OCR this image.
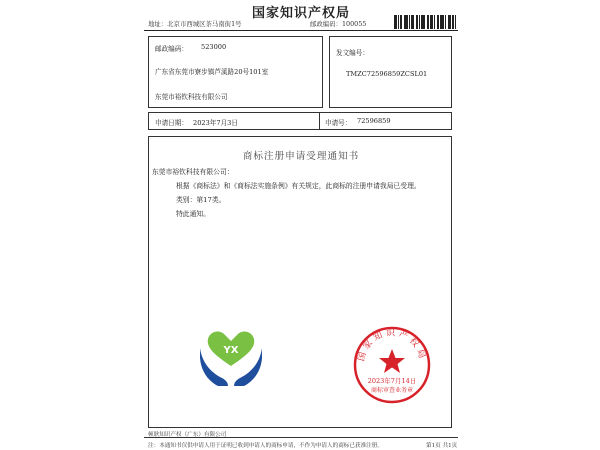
国家知识产权局
地址：北京市西城区茶马南街1号	邮政编码：100055
邮政编码： 523000
广东省东莞市寮步镇芦溪路20号101室
东莞市裕钦科技有限公司
发文编号：
TMZC72596859ZCSL01
申请日期： 2023年7月3日	申请号： 72596859
商标注册申请受理通知书
东莞市裕钦科技有限公司：
根据《商标法》和《商标法实施条例》有关规定，此商标的注册申请我局已受理。
类别：第17类。
特此通知。
YX	国家知识产权局
2023年7月14日
商标审查业务章
顿耿知识产权（广东）有限公司
注：本通知书仅供申请人用于证明已收到申请人的商标申请，不作为申请人的商标已获准注册。	第1页 共1页
